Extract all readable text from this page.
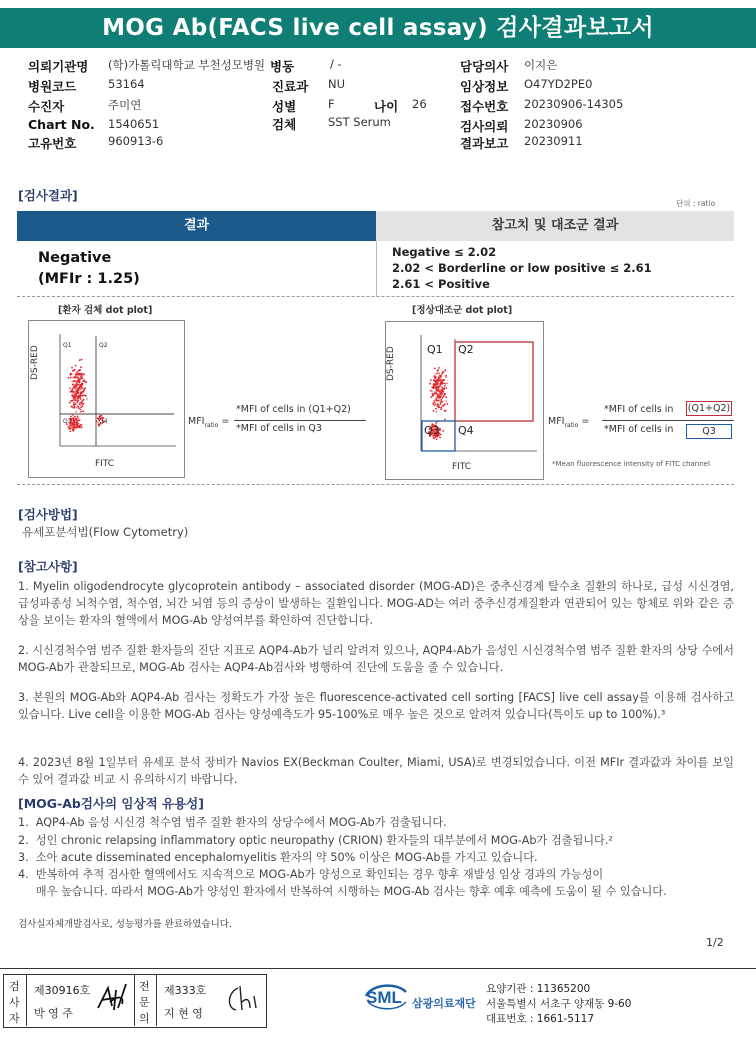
MOG Ab(FACS live cell assay) 검사결과보고서
의뢰기관명 (학)가톨릭대학교 부천성모병원 병동	/ -	담당의사 이지은
병원코드	53164	진료과 NU	임상정보 O47YD2PE0
수진자	주미연	성별	F	나이 26	접수번호 20230906-14305
Chart No. 1540651	검체	SST Serum	검사의뢰 20230906
고유번호	960913-6	결과보고 20230911
[검사결과]
단위 : ratio
결과	참고치 및 대조군 결과
Negative
(MFIr : 1.25)
Negative ≤ 2.02
2.02 < Borderline or low positive ≤ 2.61
2.61 < Positive
[환자 검체 dot plot]
DS-RED
FITC
Q1	Q2
Q3	Q4	$MFI_{ratio}$ =
*MFI of cells in (Q1+Q2)
*MFI of cells in Q3
[정상대조군 dot plot]
DS-RED
FITC
Q1 Q2
Q3 Q4
$MFI_{ratio}$ =
*MFI of cells in (Q1+Q2)
*MFI of cells in	Q3
*Mean fluorescence intensity of FITC channel
[검사방법]
유세포분석법(Flow Cytometry)
[참고사항]
1. Myelin oligodendrocyte glycoprotein antibody – associated disorder (MOG-AD)은 중추신경계 탈수초 질환의 하나로, 급성 시신경염, 급성파종성 뇌척수염, 척수염, 뇌간 뇌염 등의 증상이 발생하는 질환입니다. MOG-AD는 여러 중추신경계질환과 연관되어 있는 항체로 위와 같은 증상을 보이는 환자의 혈액에서 MOG-Ab 양성여부를 확인하여 진단합니다.
2. 시신경척수염 범주 질환 환자들의 진단 지표로 AQP4-Ab가 널리 알려져 있으나, AQP4-Ab가 음성인 시신경척수염 범주 질환 환자의 상당 수에서 MOG-Ab가 관찰되므로, MOG-Ab 검사는 AQP4-Ab검사와 병행하여 진단에 도움을 줄 수 있습니다.
3. 본원의 MOG-Ab와 AQP4-Ab 검사는 정확도가 가장 높은 fluorescence-activated cell sorting [FACS] live cell assay를 이용해 검사하고 있습니다. Live cell을 이용한 MOG-Ab 검사는 양성예측도가 95-100%로 매우 높은 것으로 알려져 있습니다(특이도 up to 100%).³
4. 2023년 8월 1일부터 유세포 분석 장비가 Navios EX(Beckman Coulter, Miami, USA)로 변경되었습니다. 이전 MFIr 결과값과 차이를 보일 수 있어 결과값 비교 시 유의하시기 바랍니다.
[MOG-Ab검사의 임상적 유용성]
1.  AQP4-Ab 음성 시신경 척수염 범주 질환 환자의 상당수에서 MOG-Ab가 검출됩니다.
2.  성인 chronic relapsing inflammatory optic neuropathy (CRION) 환자들의 대부분에서 MOG-Ab가 검출됩니다.²
3.  소아 acute disseminated encephalomyelitis 환자의 약 50% 이상은 MOG-Ab를 가지고 있습니다.
4.  반복하여 추적 검사한 혈액에서도 지속적으로 MOG-Ab가 양성으로 확인되는 경우 향후 재발성 임상 경과의 가능성이
매우 높습니다. 따라서 MOG-Ab가 양성인 환자에서 반복하여 시행하는 MOG-Ab 검사는 향후 예후 예측에 도움이 될 수 있습니다.
검사실자체개발검사로, 성능평가를 완료하였습니다.
1/2
검
사
자
제30916호
박 영 주
전
문
의
제333호
지 현 영
SML 삼광의료재단
요양기관 : 11365200
서울특별시 서초구 양재동 9-60
대표번호 : 1661-5117
